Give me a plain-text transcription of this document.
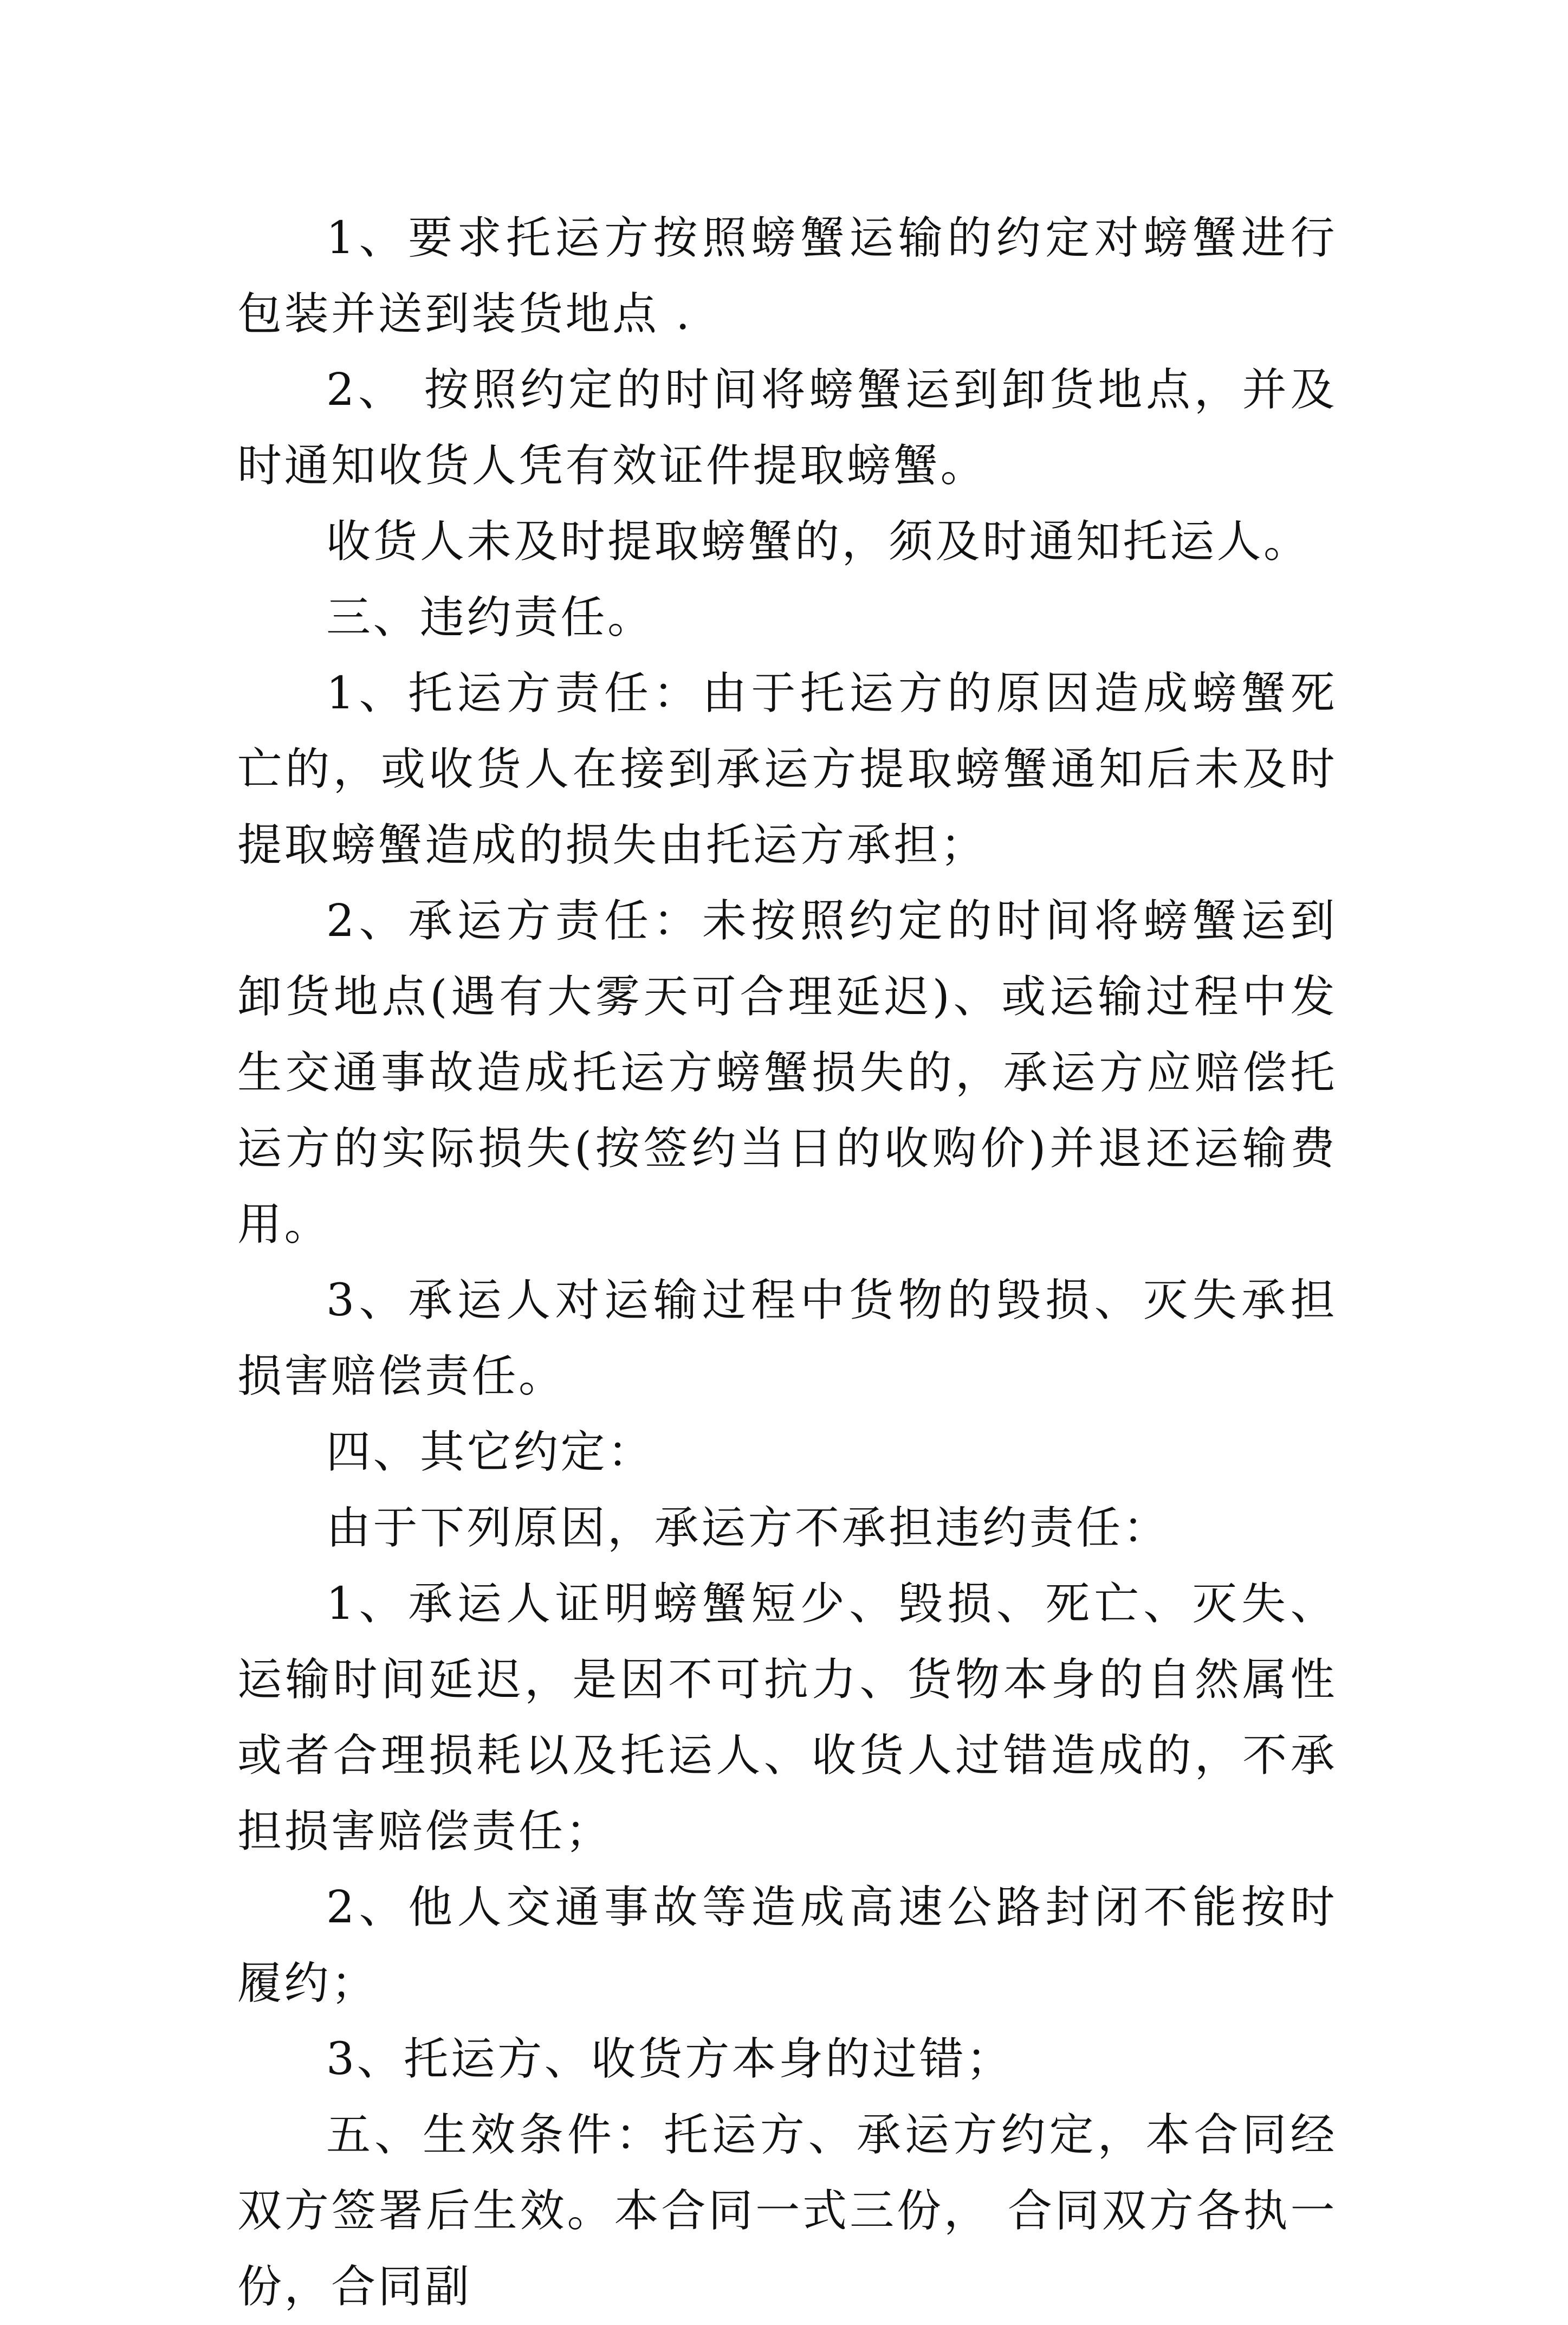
1、要求托运方按照螃蟹运输的约定对螃蟹进行包装并送到装货地点 .

2、 按照约定的时间将螃蟹运到卸货地点，并及时通知收货人凭有效证件提取螃蟹。

收货人未及时提取螃蟹的，须及时通知托运人。

三、违约责任。

1、托运方责任：由于托运方的原因造成螃蟹死亡的，或收货人在接到承运方提取螃蟹通知后未及时提取螃蟹造成的损失由托运方承担；

2、承运方责任：未按照约定的时间将螃蟹运到卸货地点(遇有大雾天可合理延迟)、或运输过程中发生交通事故造成托运方螃蟹损失的，承运方应赔偿托运方的实际损失(按签约当日的收购价)并退还运输费用。

3、承运人对运输过程中货物的毁损、灭失承担损害赔偿责任。

四、其它约定：

由于下列原因，承运方不承担违约责任：

1、承运人证明螃蟹短少、毁损、死亡、灭失、运输时间延迟，是因不可抗力、货物本身的自然属性或者合理损耗以及托运人、收货人过错造成的，不承担损害赔偿责任；

2、他人交通事故等造成高速公路封闭不能按时履约；

3、托运方、收货方本身的过错；

五、生效条件：托运方、承运方约定，本合同经双方签署后生效。本合同一式三份， 合同双方各执一份，合同副
